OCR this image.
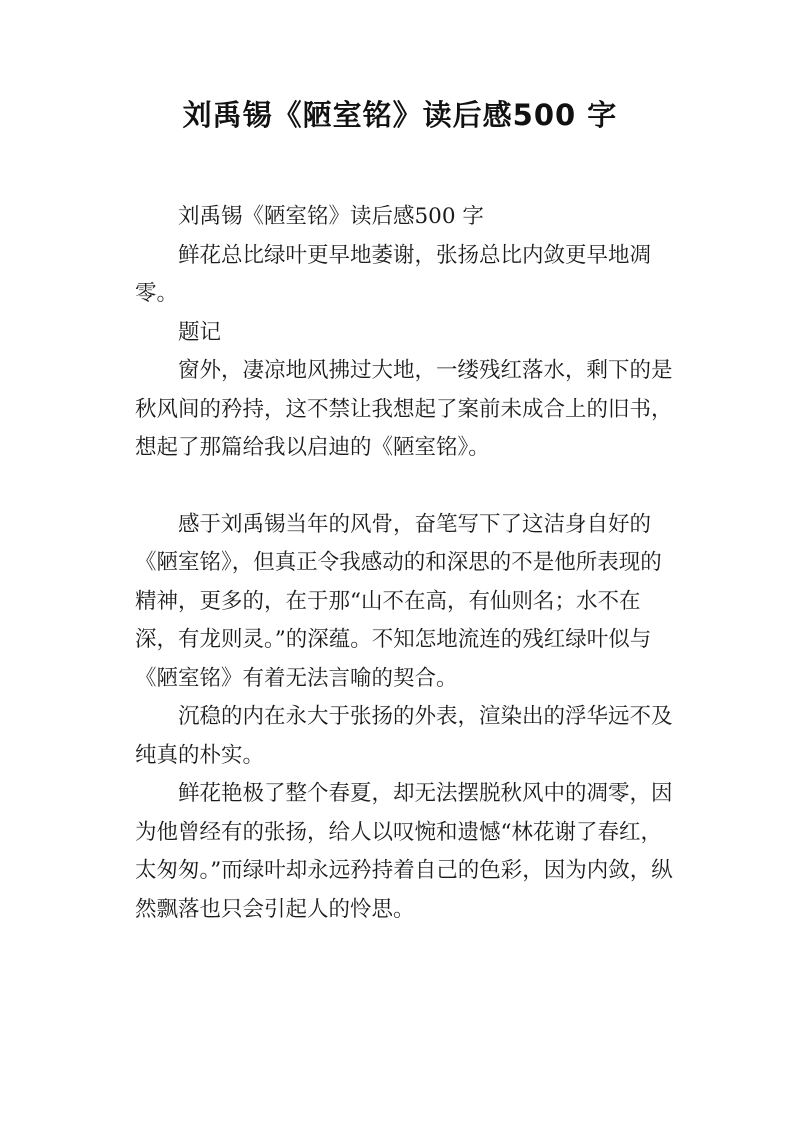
刘禹锡《陋室铭》读后感500 字

刘禹锡《陋室铭》读后感500 字

鲜花总比绿叶更早地萎谢，张扬总比内敛更早地凋零。

题记

窗外，凄凉地风拂过大地，一缕残红落水，剩下的是秋风间的矜持，这不禁让我想起了案前未成合上的旧书，想起了那篇给我以启迪的《陋室铭》。

感于刘禹锡当年的风骨，奋笔写下了这洁身自好的《陋室铭》，但真正令我感动的和深思的不是他所表现的精神，更多的，在于那“山不在高，有仙则名；水不在深，有龙则灵。”的深蕴。不知怎地流连的残红绿叶似与《陋室铭》有着无法言喻的契合。

沉稳的内在永大于张扬的外表，渲染出的浮华远不及纯真的朴实。

鲜花艳极了整个春夏，却无法摆脱秋风中的凋零，因为他曾经有的张扬，给人以叹惋和遗憾“林花谢了春红，太匆匆。”而绿叶却永远矜持着自己的色彩，因为内敛，纵然飘落也只会引起人的怜思。
